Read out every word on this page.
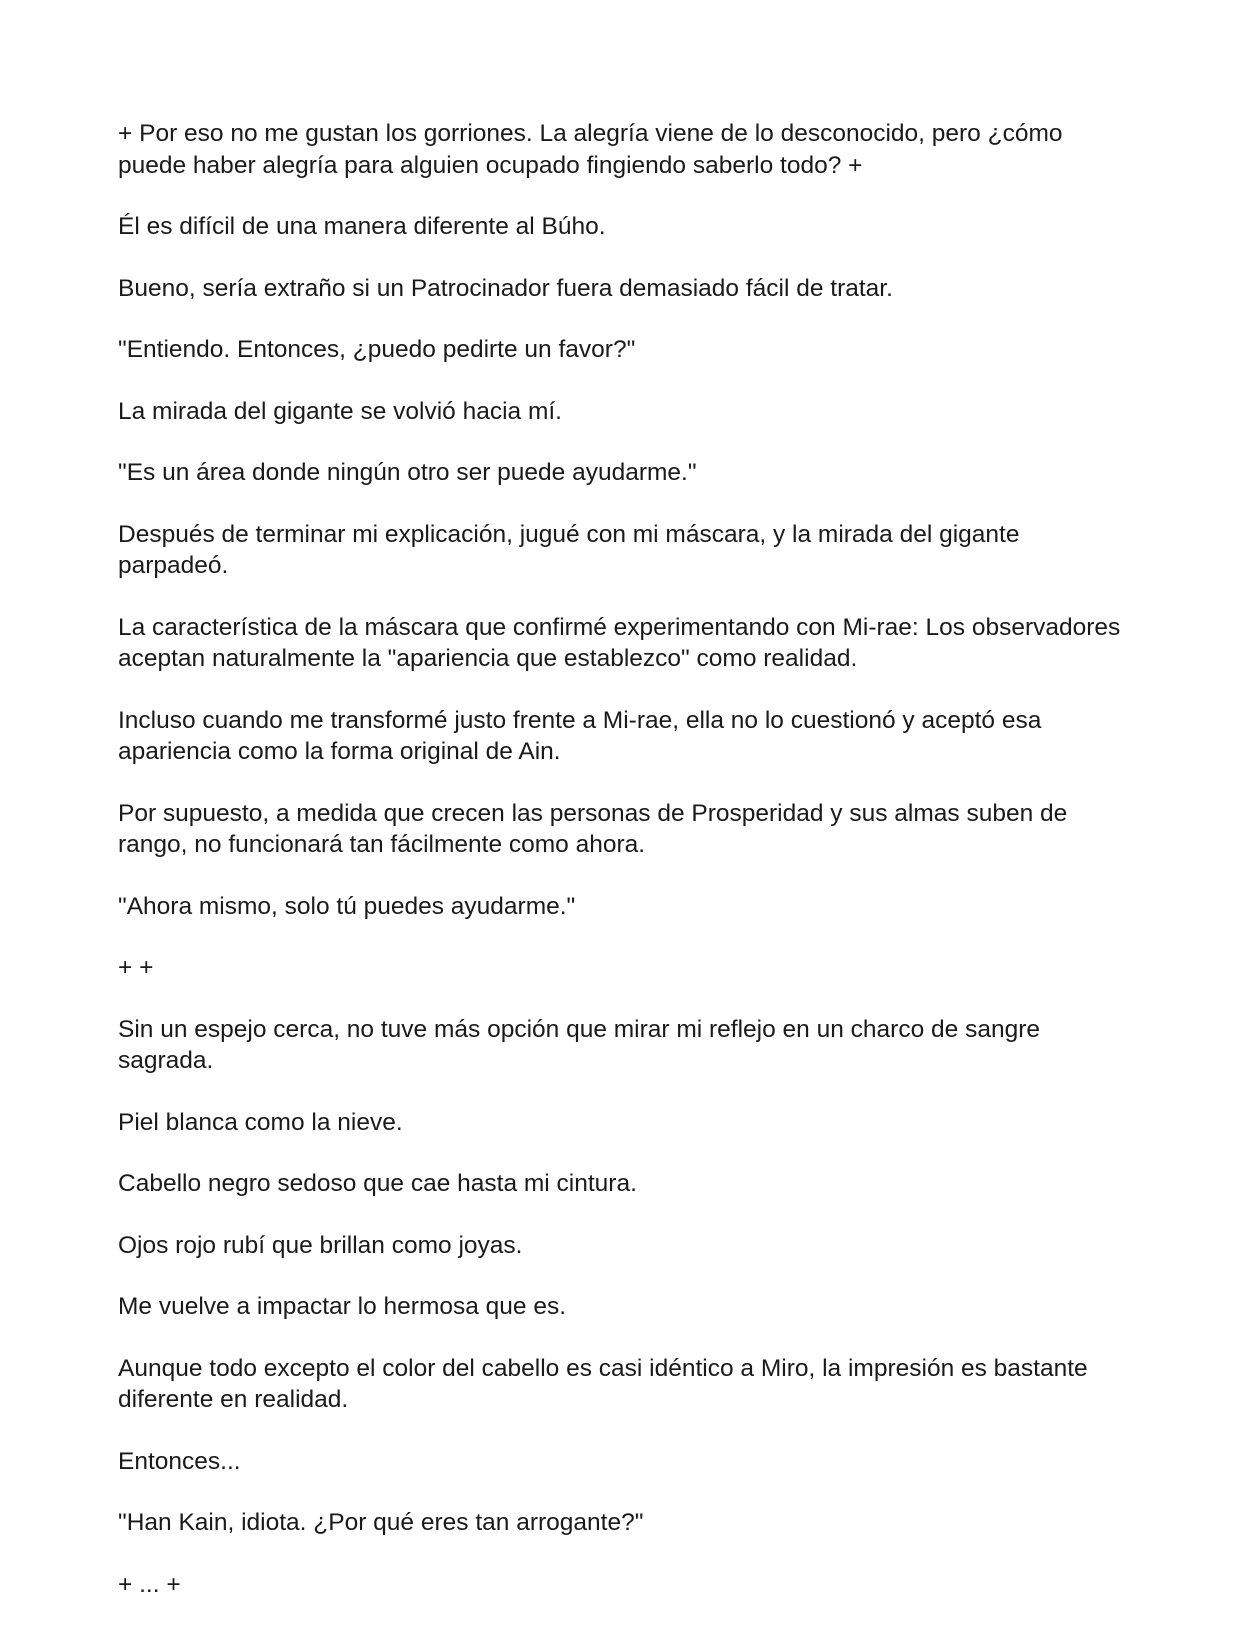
+ Por eso no me gustan los gorriones. La alegría viene de lo desconocido, pero ¿cómo puede haber alegría para alguien ocupado fingiendo saberlo todo? +

Él es difícil de una manera diferente al Búho.

Bueno, sería extraño si un Patrocinador fuera demasiado fácil de tratar.

"Entiendo. Entonces, ¿puedo pedirte un favor?"

La mirada del gigante se volvió hacia mí.

"Es un área donde ningún otro ser puede ayudarme."

Después de terminar mi explicación, jugué con mi máscara, y la mirada del gigante parpadeó.

La característica de la máscara que confirmé experimentando con Mi-rae: Los observadores aceptan naturalmente la "apariencia que establezco" como realidad.

Incluso cuando me transformé justo frente a Mi-rae, ella no lo cuestionó y aceptó esa apariencia como la forma original de Ain.

Por supuesto, a medida que crecen las personas de Prosperidad y sus almas suben de rango, no funcionará tan fácilmente como ahora.

"Ahora mismo, solo tú puedes ayudarme."

+ +

Sin un espejo cerca, no tuve más opción que mirar mi reflejo en un charco de sangre sagrada.

Piel blanca como la nieve.

Cabello negro sedoso que cae hasta mi cintura.

Ojos rojo rubí que brillan como joyas.

Me vuelve a impactar lo hermosa que es.

Aunque todo excepto el color del cabello es casi idéntico a Miro, la impresión es bastante diferente en realidad.

Entonces...

"Han Kain, idiota. ¿Por qué eres tan arrogante?"

+ ... +
